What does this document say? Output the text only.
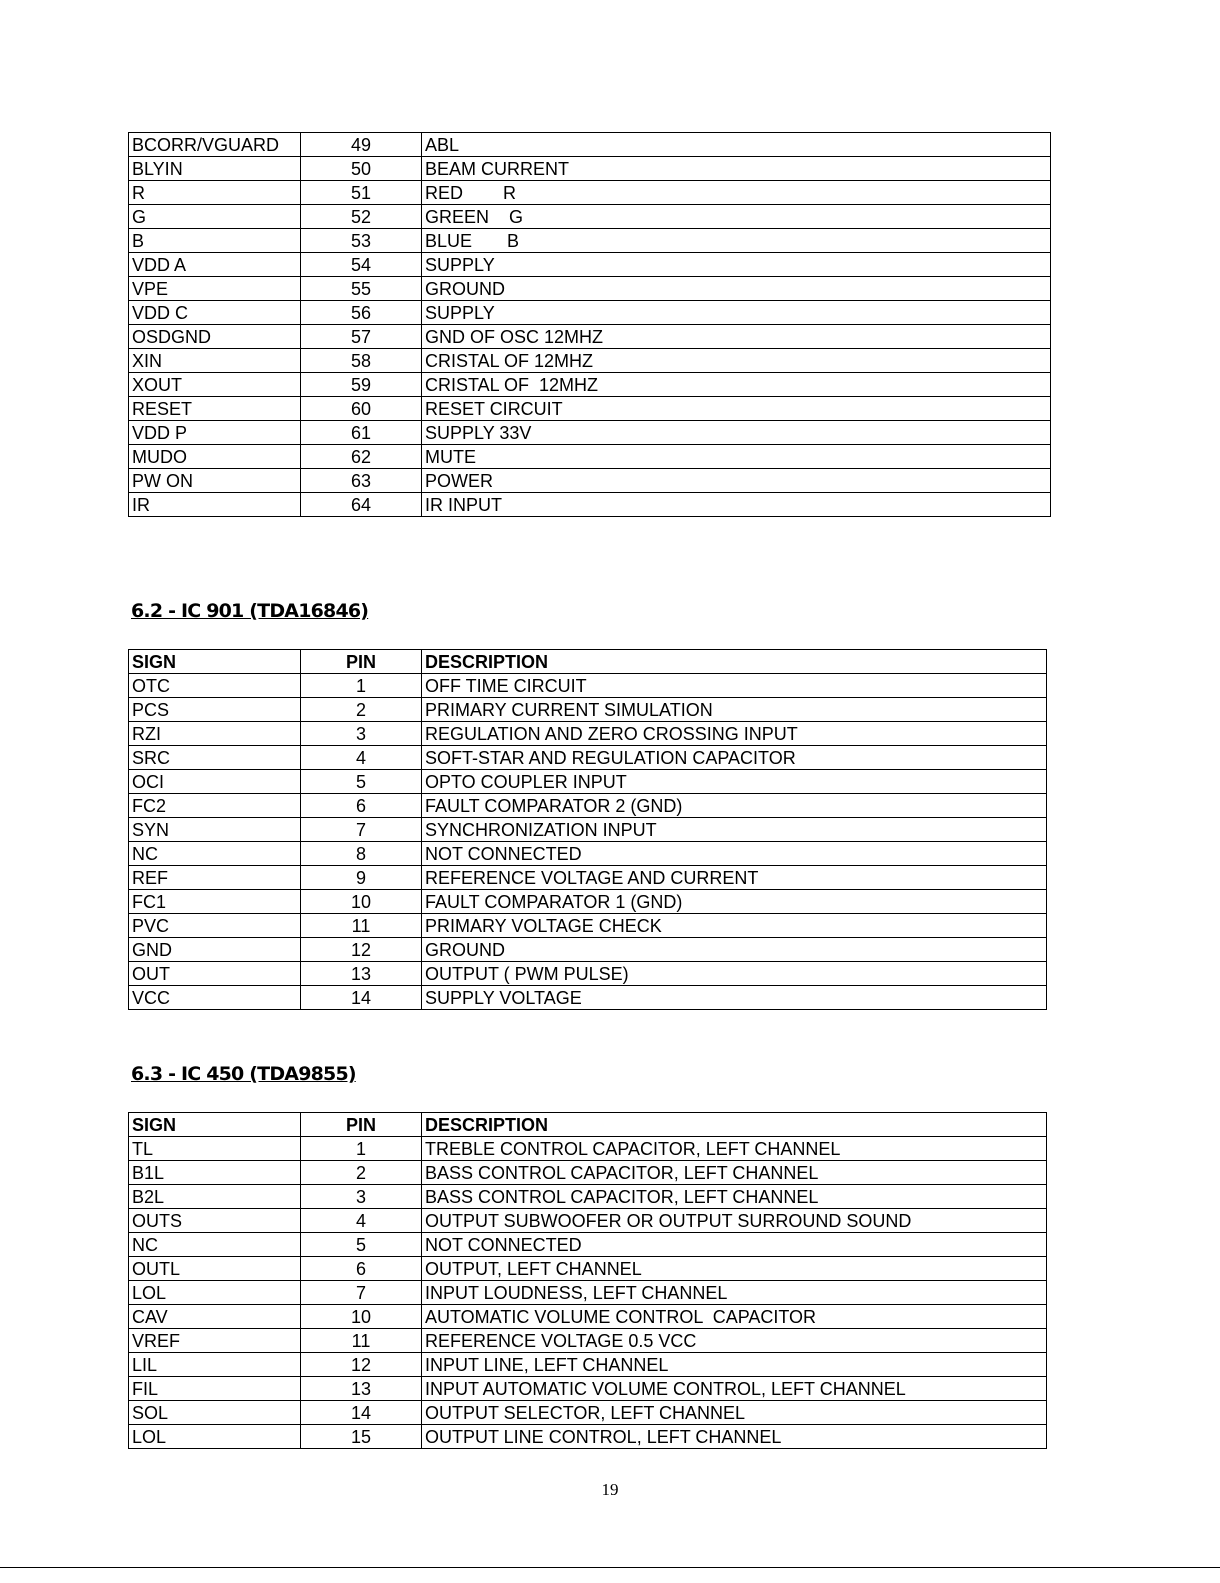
BCORR/VGUARD	49	ABL
BLYIN	50	BEAM CURRENT
R	51	RED        R
G	52	GREEN    G
B	53	BLUE       B
VDD A	54	SUPPLY
VPE	55	GROUND
VDD C	56	SUPPLY
OSDGND	57	GND OF OSC 12MHZ
XIN	58	CRISTAL OF 12MHZ
XOUT	59	CRISTAL OF  12MHZ
RESET	60	RESET CIRCUIT
VDD P	61	SUPPLY 33V
MUDO	62	MUTE
PW ON	63	POWER
IR	64	IR INPUT
6.2 - IC 901 (TDA16846)
SIGN	PIN	DESCRIPTION
OTC	1	OFF TIME CIRCUIT
PCS	2	PRIMARY CURRENT SIMULATION
RZI	3	REGULATION AND ZERO CROSSING INPUT
SRC	4	SOFT-STAR AND REGULATION CAPACITOR
OCI	5	OPTO COUPLER INPUT
FC2	6	FAULT COMPARATOR 2 (GND)
SYN	7	SYNCHRONIZATION INPUT
NC	8	NOT CONNECTED
REF	9	REFERENCE VOLTAGE AND CURRENT
FC1	10	FAULT COMPARATOR 1 (GND)
PVC	11	PRIMARY VOLTAGE CHECK
GND	12	GROUND
OUT	13	OUTPUT ( PWM PULSE)
VCC	14	SUPPLY VOLTAGE
6.3 - IC 450 (TDA9855)
SIGN	PIN	DESCRIPTION
TL	1	TREBLE CONTROL CAPACITOR, LEFT CHANNEL
B1L	2	BASS CONTROL CAPACITOR, LEFT CHANNEL
B2L	3	BASS CONTROL CAPACITOR, LEFT CHANNEL
OUTS	4	OUTPUT SUBWOOFER OR OUTPUT SURROUND SOUND
NC	5	NOT CONNECTED
OUTL	6	OUTPUT, LEFT CHANNEL
LOL	7	INPUT LOUDNESS, LEFT CHANNEL
CAV	10	AUTOMATIC VOLUME CONTROL  CAPACITOR
VREF	11	REFERENCE VOLTAGE 0.5 VCC
LIL	12	INPUT LINE, LEFT CHANNEL
FIL	13	INPUT AUTOMATIC VOLUME CONTROL, LEFT CHANNEL
SOL	14	OUTPUT SELECTOR, LEFT CHANNEL
LOL	15	OUTPUT LINE CONTROL, LEFT CHANNEL
19
